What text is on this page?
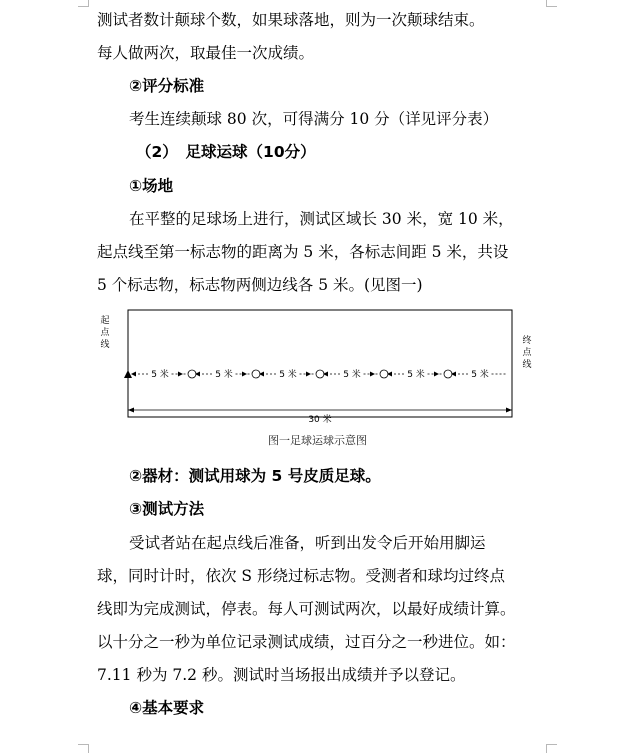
测试者数计颠球个数，如果球落地，则为一次颠球结束。
每人做两次，取最佳一次成绩。
②评分标准
考生连续颠球 80 次，可得满分 10 分（详见评分表）
（2）　足球运球（10分）
①场地
在平整的足球场上进行，测试区域长 30 米，宽 10 米，
起点线至第一标志物的距离为 5 米，各标志间距 5 米，共设
5 个标志物，标志物两侧边线各 5 米。(见图一)
起
点
线	终
点
线
5 米	5 米	5 米	5 米	5 米	5 米
30 米
图一足球运球示意图
②器材：测试用球为 5 号皮质足球。
③测试方法
受试者站在起点线后准备，听到出发令后开始用脚运
球，同时计时，依次 S 形绕过标志物。受测者和球均过终点
线即为完成测试，停表。每人可测试两次，以最好成绩计算。
以十分之一秒为单位记录测试成绩，过百分之一秒进位。如：
7.11 秒为 7.2 秒。测试时当场报出成绩并予以登记。
④基本要求
